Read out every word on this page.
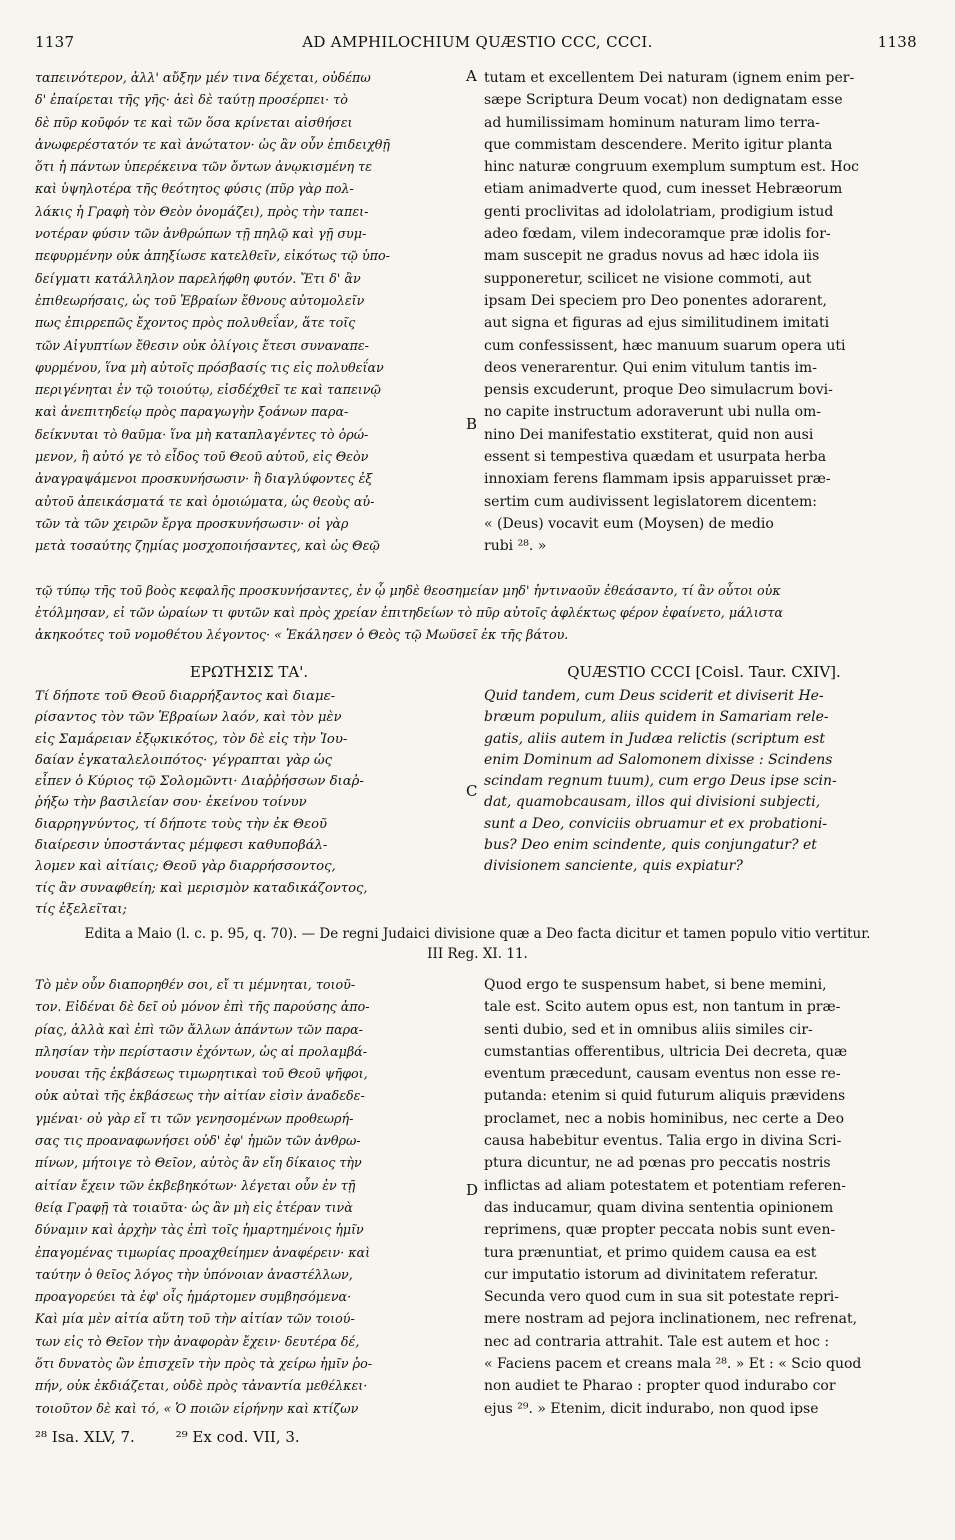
1137	AD AMPHILOCHIUM QUÆSTIO CCC, CCCI.	1138
A
B
C
D
ταπεινότερον, ἀλλ' αὔξην μέν τινα δέχεται, οὐδέπω
δ' ἐπαίρεται τῆς γῆς· ἀεὶ δὲ ταύτῃ προσέρπει· τὸ
δὲ πῦρ κοῦφόν τε καὶ τῶν ὅσα κρίνεται αἰσθήσει
ἀνωφερέστατόν τε καὶ ἀνώτατον· ὡς ἂν οὖν ἐπιδειχθῇ
ὅτι ἡ πάντων ὑπερέκεινα τῶν ὄντων ἀνῳκισμένη τε
καὶ ὑψηλοτέρα τῆς θεότητος φύσις (πῦρ γὰρ πολ-
λάκις ἡ Γραφὴ τὸν Θεὸν ὀνομάζει), πρὸς τὴν ταπει-
νοτέραν φύσιν τῶν ἀνθρώπων τῇ πηλῷ καὶ γῇ συμ-
πεφυρμένην οὐκ ἀπηξίωσε κατελθεῖν, εἰκότως τῷ ὑπο-
δείγματι κατάλληλον παρελήφθη φυτόν. Ἔτι δ' ἂν
ἐπιθεωρήσαις, ὡς τοῦ Ἑβραίων ἔθνους αὐτομολεῖν
πως ἐπιρρεπῶς ἔχοντος πρὸς πολυθεΐαν, ἅτε τοῖς
τῶν Αἰγυπτίων ἔθεσιν οὐκ ὀλίγοις ἔτεσι συναναπε-
φυρμένου, ἵνα μὴ αὐτοῖς πρόσβασίς τις εἰς πολυθεΐαν
περιγένηται ἐν τῷ τοιούτῳ, εἰσδέχθεῖ τε καὶ ταπεινῷ
καὶ ἀνεπιτηδείῳ πρὸς παραγωγὴν ξοάνων παρα-
δείκνυται τὸ θαῦμα· ἵνα μὴ καταπλαγέντες τὸ ὁρώ-
μενον, ἢ αὐτό γε τὸ εἶδος τοῦ Θεοῦ αὐτοῦ, εἰς Θεὸν
ἀναγραψάμενοι προσκυνήσωσιν· ἢ διαγλύφοντες ἐξ
αὐτοῦ ἀπεικάσματά τε καὶ ὁμοιώματα, ὡς θεοὺς αὐ-
τῶν τὰ τῶν χειρῶν ἔργα προσκυνήσωσιν· οἱ γὰρ
μετὰ τοσαύτης ζημίας μοσχοποιήσαντες, καὶ ὡς Θεῷ
tutam et excellentem Dei naturam (ignem enim per-
sæpe Scriptura Deum vocat) non dedignatam esse
ad humilissimam hominum naturam limo terra-
que commistam descendere. Merito igitur planta
hinc naturæ congruum exemplum sumptum est. Hoc
etiam animadverte quod, cum inesset Hebræorum
genti proclivitas ad idololatriam, prodigium istud
adeo fœdam, vilem indecoramque præ idolis for-
mam suscepit ne gradus novus ad hæc idola iis
supponeretur, scilicet ne visione commoti, aut
ipsam Dei speciem pro Deo ponentes adorarent,
aut signa et figuras ad ejus similitudinem imitati
cum confessissent, hæc manuum suarum opera uti
deos venerarentur. Qui enim vitulum tantis im-
pensis excuderunt, proque Deo simulacrum bovi-
no capite instructum adoraverunt ubi nulla om-
nino Dei manifestatio exstiterat, quid non ausi
essent si tempestiva quædam et usurpata herba
innoxiam ferens flammam ipsis apparuisset præ-
sertim cum audivissent legislatorem dicentem:
« (Deus) vocavit eum (Moysen) de medio
rubi ²⁸. »
τῷ τύπῳ τῆς τοῦ βοὸς κεφαλῆς προσκυνήσαντες, ἐν ᾧ μηδὲ θεοσημείαν μηδ' ἡντιναοῦν ἐθεάσαντο, τί ἂν οὗτοι οὐκ
ἐτόλμησαν, εἰ τῶν ὡραίων τι φυτῶν καὶ πρὸς χρείαν ἐπιτηδείων τὸ πῦρ αὐτοῖς ἀφλέκτως φέρον ἐφαίνετο, μάλιστα
ἀκηκοότες τοῦ νομοθέτου λέγοντος· « Ἐκάλησεν ὁ Θεὸς τῷ Μωϋσεῖ ἐκ τῆς βάτου.
ΕΡΩΤΗΣΙΣ ΤΑ'.	QUÆSTIO CCCI [Coisl. Taur. CXIV].
Τί δήποτε τοῦ Θεοῦ διαρρήξαντος καὶ διαμε-
ρίσαντος τὸν τῶν Ἑβραίων λαόν, καὶ τὸν μὲν
εἰς Σαμάρειαν ἐξῳκικότος, τὸν δὲ εἰς τὴν Ἰου-
δαίαν ἐγκαταλελοιπότος· γέγραπται γὰρ ὡς
εἶπεν ὁ Κύριος τῷ Σολομῶντι· Διαῤῥήσσων διαῤ-
ῥήξω τὴν βασιλείαν σου· ἐκείνου τοίνυν
διαρρηγνύντος, τί δήποτε τοὺς τὴν ἐκ Θεοῦ
διαίρεσιν ὑποστάντας μέμφεσι καθυποβάλ-
λομεν καὶ αἰτίαις; Θεοῦ γὰρ διαρρήσσοντος,
τίς ἂν συναφθείη; καὶ μερισμὸν καταδικάζοντος,
τίς ἐξελεῖται;
Quid tandem, cum Deus sciderit et diviserit He-
bræum populum, aliis quidem in Samariam rele-
gatis, aliis autem in Judæa relictis (scriptum est
enim Dominum ad Salomonem dixisse : Scindens
scindam regnum tuum), cum ergo Deus ipse scin-
dat, quamobcausam, illos qui divisioni subjecti,
sunt a Deo, conviciis obruamur et ex probationi-
bus? Deo enim scindente, quis conjungatur? et
divisionem sanciente, quis expiatur?
Edita a Maio (l. c. p. 95, q. 70). — De regni Judaici divisione quæ a Deo facta dicitur et tamen populo vitio vertitur.
III Reg. XI. 11.
Τὸ μὲν οὖν διαπορηθέν σοι, εἴ τι μέμνηται, τοιοῦ-
τον. Εἰδέναι δὲ δεῖ οὐ μόνον ἐπὶ τῆς παρούσης ἀπο-
ρίας, ἀλλὰ καὶ ἐπὶ τῶν ἄλλων ἁπάντων τῶν παρα-
πλησίαν τὴν περίστασιν ἐχόντων, ὡς αἱ προλαμβά-
νουσαι τῆς ἐκβάσεως τιμωρητικαὶ τοῦ Θεοῦ ψῆφοι,
οὐκ αὐταὶ τῆς ἐκβάσεως τὴν αἰτίαν εἰσὶν ἀναδεδε-
γμέναι· οὐ γὰρ εἴ τι τῶν γενησομένων προθεωρή-
σας τις προαναφωνήσει οὐδ' ἐφ' ἡμῶν τῶν ἀνθρω-
πίνων, μήτοιγε τὸ Θεῖον, αὐτὸς ἂν εἴη δίκαιος τὴν
αἰτίαν ἔχειν τῶν ἐκβεβηκότων· λέγεται οὖν ἐν τῇ
θείᾳ Γραφῇ τὰ τοιαῦτα· ὡς ἂν μὴ εἰς ἑτέραν τινὰ
δύναμιν καὶ ἀρχὴν τὰς ἐπὶ τοῖς ἡμαρτημένοις ἡμῖν
ἐπαγομένας τιμωρίας προαχθείημεν ἀναφέρειν· καὶ
ταύτην ὁ θεῖος λόγος τὴν ὑπόνοιαν ἀναστέλλων,
προαγορεύει τὰ ἐφ' οἷς ἡμάρτομεν συμβησόμενα·
Καὶ μία μὲν αἰτία αὕτη τοῦ τὴν αἰτίαν τῶν τοιού-
των εἰς τὸ Θεῖον τὴν ἀναφορὰν ἔχειν· δευτέρα δέ,
ὅτι δυνατὸς ὢν ἐπισχεῖν τὴν πρὸς τὰ χείρω ἡμῖν ῥο-
πήν, οὐκ ἐκδιάζεται, οὐδὲ πρὸς τἀναντία μεθέλκει·
τοιοῦτον δὲ καὶ τό, « Ὁ ποιῶν εἰρήνην καὶ κτίζων
Quod ergo te suspensum habet, si bene memini,
tale est. Scito autem opus est, non tantum in præ-
senti dubio, sed et in omnibus aliis similes cir-
cumstantias offerentibus, ultricia Dei decreta, quæ
eventum præcedunt, causam eventus non esse re-
putanda: etenim si quid futurum aliquis prævidens
proclamet, nec a nobis hominibus, nec certe a Deo
causa habebitur eventus. Talia ergo in divina Scri-
ptura dicuntur, ne ad pœnas pro peccatis nostris
inflictas ad aliam potestatem et potentiam referen-
das inducamur, quam divina sententia opinionem
reprimens, quæ propter peccata nobis sunt even-
tura prænuntiat, et primo quidem causa ea est
cur imputatio istorum ad divinitatem referatur.
Secunda vero quod cum in sua sit potestate repri-
mere nostram ad pejora inclinationem, nec refrenat,
nec ad contraria attrahit. Tale est autem et hoc :
« Faciens pacem et creans mala ²⁸. » Et : « Scio quod
non audiet te Pharao : propter quod indurabo cor
ejus ²⁹. » Etenim, dicit indurabo, non quod ipse
²⁸ Isa. XLV, 7.	²⁹ Ex cod. VII, 3.
